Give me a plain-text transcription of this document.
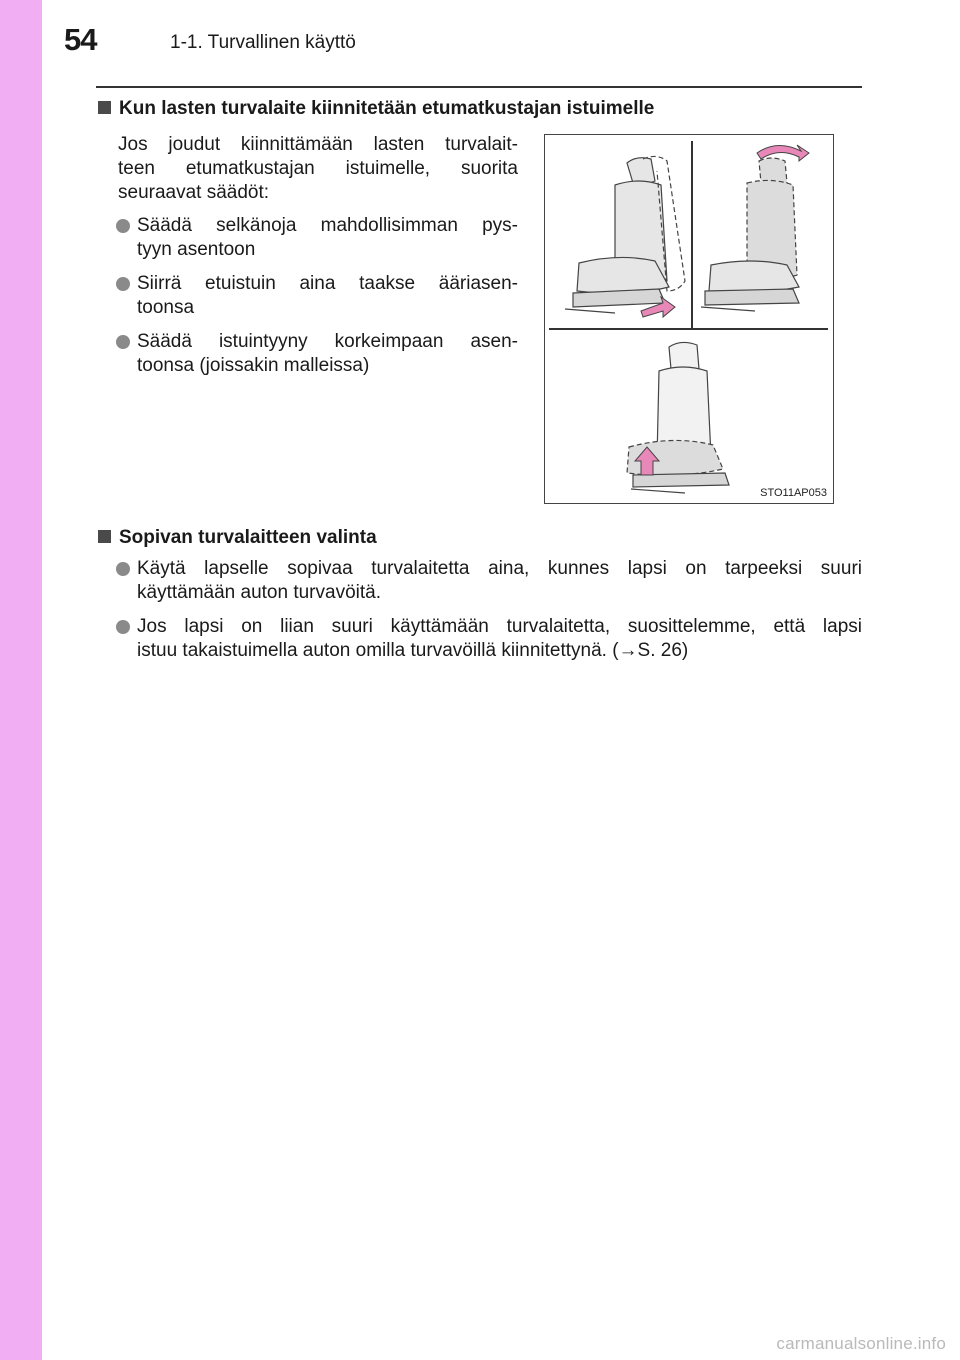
54	1-1. Turvallinen käyttö
Kun lasten turvalaite kiinnitetään etumatkustajan istuimelle
Jos joudut kiinnittämään lasten turvalait-
teen etumatkustajan istuimelle, suorita
seuraavat säädöt:
Säädä selkänoja mahdollisimman pys-
tyyn asentoon
Siirrä etuistuin aina taakse ääriasen-
toonsa
Säädä istuintyyny korkeimpaan asen-
toonsa (joissakin malleissa)
STO11AP053
Sopivan turvalaitteen valinta
Käytä lapselle sopivaa turvalaitetta aina, kunnes lapsi on tarpeeksi suuri
käyttämään auton turvavöitä.
Jos lapsi on liian suuri käyttämään turvalaitetta, suosittelemme, että lapsi
istuu takaistuimella auton omilla turvavöillä kiinnitettynä. (→S. 26)
carmanualsonline.info
